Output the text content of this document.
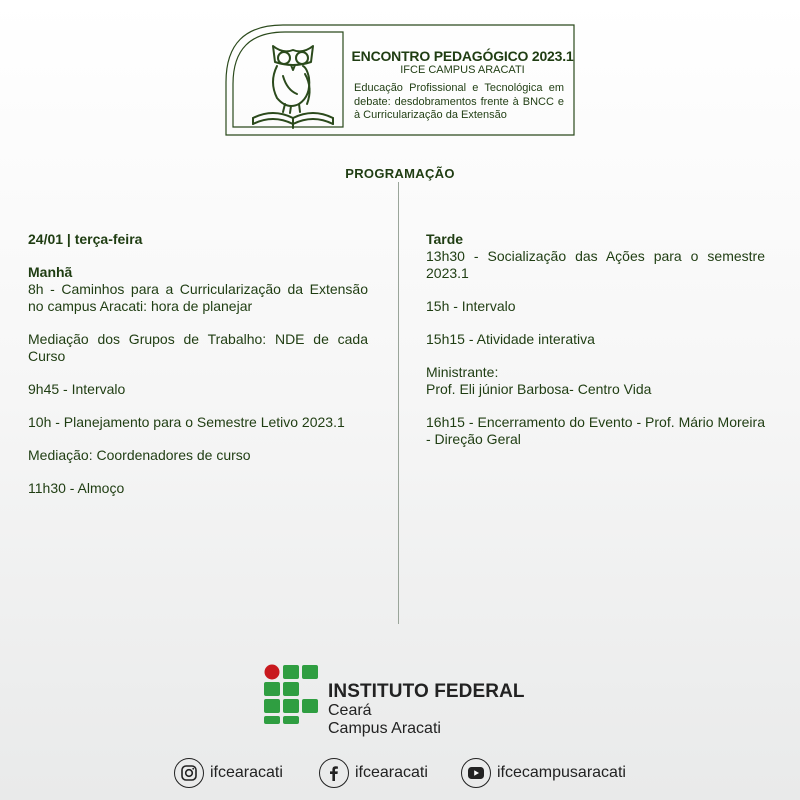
ENCONTRO PEDAGÓGICO 2023.1
IFCE CAMPUS ARACATI
Educação Profissional e Tecnológica em debate: desdobramentos frente à BNCC e à Curricularização da Extensão
PROGRAMAÇÃO

24/01 | terça-feira

Manhã

8h - Caminhos para a Curricularização da Extensão no campus Aracati: hora de planejar

Mediação dos Grupos de Trabalho: NDE de cada Curso

9h45 - Intervalo

10h - Planejamento para o Semestre Letivo 2023.1

Mediação: Coordenadores de curso

11h30 - Almoço

Tarde

13h30 - Socialização das Ações para o semestre 2023.1

15h - Intervalo

15h15 - Atividade interativa

Ministrante:

Prof. Eli júnior Barbosa- Centro Vida

16h15 - Encerramento do Evento - Prof. Mário Moreira - Direção Geral

INSTITUTO FEDERAL
Ceará
Campus Aracati
ifcearacati	ifcearacati	ifcecampusaracati
